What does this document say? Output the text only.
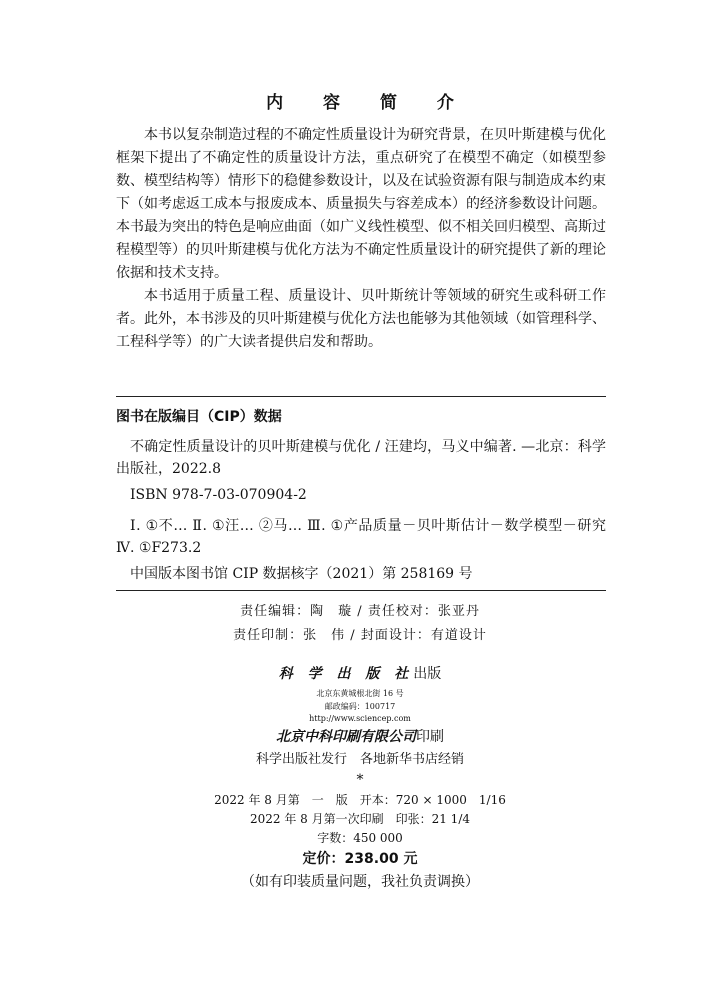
内 容 简 介

本书以复杂制造过程的不确定性质量设计为研究背景，在贝叶斯建模与优化框架下提出了不确定性的质量设计方法，重点研究了在模型不确定（如模型参数、模型结构等）情形下的稳健参数设计，以及在试验资源有限与制造成本约束下（如考虑返工成本与报废成本、质量损失与容差成本）的经济参数设计问题。本书最为突出的特色是响应曲面（如广义线性模型、似不相关回归模型、高斯过程模型等）的贝叶斯建模与优化方法为不确定性质量设计的研究提供了新的理论依据和技术支持。

本书适用于质量工程、质量设计、贝叶斯统计等领域的研究生或科研工作者。此外，本书涉及的贝叶斯建模与优化方法也能够为其他领域（如管理科学、工程科学等）的广大读者提供启发和帮助。

图书在版编目（CIP）数据

不确定性质量设计的贝叶斯建模与优化 / 汪建均，马义中编著. —北京：科学出版社，2022.8

ISBN 978-7-03-070904-2

Ⅰ. ①不… Ⅱ. ①汪… ②马… Ⅲ. ①产品质量－贝叶斯估计－数学模型－研究 Ⅳ. ①F273.2

中国版本图书馆 CIP 数据核字（2021）第 258169 号

责任编辑：陶　璇 / 责任校对：张亚丹
责任印制：张　伟 / 封面设计：有道设计
科 学 出 版 社出版
北京东黄城根北街 16 号
邮政编码：100717
http://www.sciencep.com
北京中科印刷有限公司印刷
科学出版社发行　各地新华书店经销
*
2022 年 8 月第　一　版　开本：720 × 1000　1/16
2022 年 8 月第一次印刷　印张：21 1/4
字数：450 000
定价：238.00 元
（如有印装质量问题，我社负责调换）
